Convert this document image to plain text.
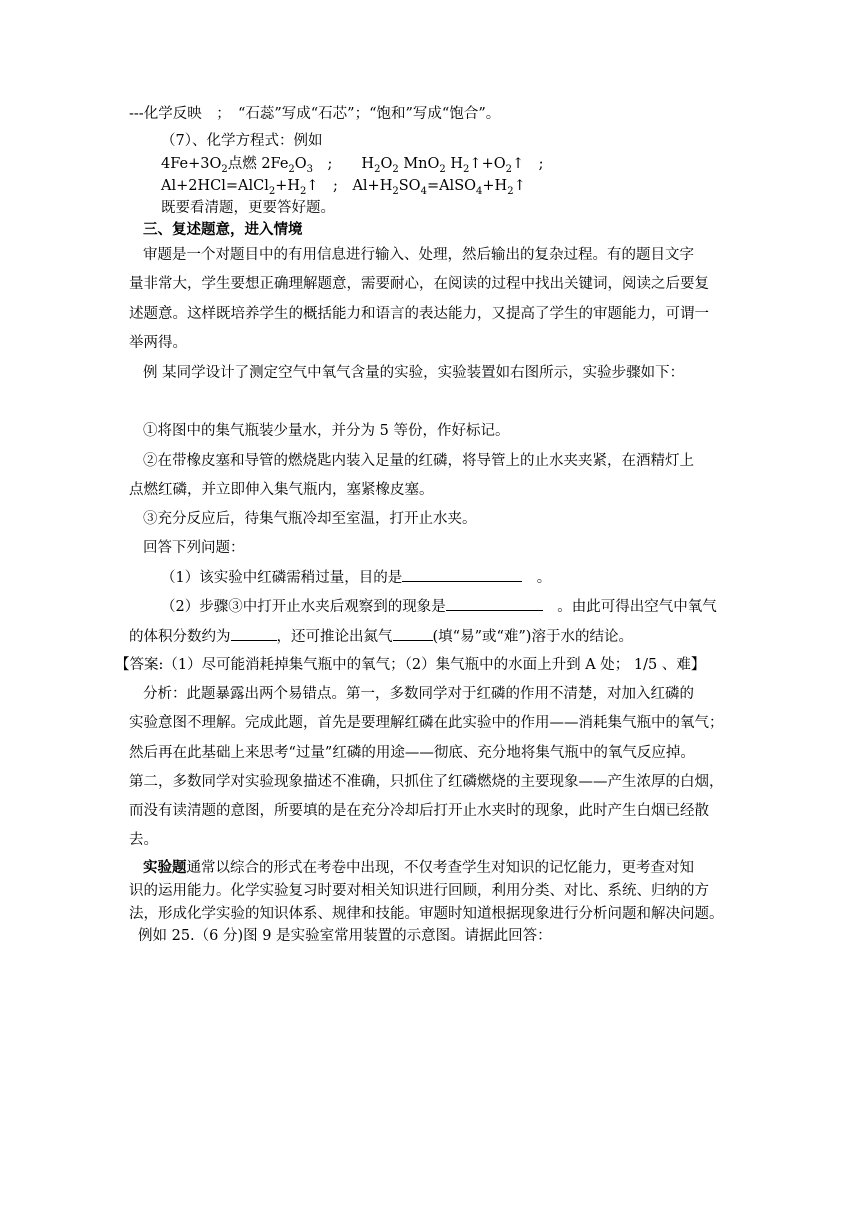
---化学反映　；　“石蕊”写成“石芯”；“饱和”写成“饱合”。
（7）、化学方程式：例如
$4Fe+3O_2$点燃 $2Fe_2O_3$　;　　$H_2O_2$ MnO$_2$ $H_2↑+O_2↑$　;
$Al+2HCl=AlCl_2+H_2↑$　;　$Al+H_2SO_4=AlSO_4+H_2↑$
既要看清题，更要答好题。
三、复述题意，进入情境
审题是一个对题目中的有用信息进行输入、处理，然后输出的复杂过程。有的题目文字
量非常大，学生要想正确理解题意，需要耐心，在阅读的过程中找出关键词，阅读之后要复
述题意。这样既培养学生的概括能力和语言的表达能力，又提高了学生的审题能力，可谓一
举两得。
例 某同学设计了测定空气中氧气含量的实验，实验装置如右图所示，实验步骤如下：
①将图中的集气瓶装少量水，并分为 5 等份，作好标记。
②在带橡皮塞和导管的燃烧匙内装入足量的红磷，将导管上的止水夹夹紧，在酒精灯上
点燃红磷，并立即伸入集气瓶内，塞紧橡皮塞。
③充分反应后，待集气瓶冷却至室温，打开止水夹。
回答下列问题：
（1）该实验中红磷需稍过量，目的是	　。
（2）步骤③中打开止水夹后观察到的现象是	　。由此可得出空气中氧气
的体积分数约为	，还可推论出氮气	(填“易”或“难”)溶于水的结论。
【答案:（1）尽可能消耗掉集气瓶中的氧气；（2）集气瓶中的水面上升到 A 处； 1/5 、难】
分析：此题暴露出两个易错点。第一，多数同学对于红磷的作用不清楚，对加入红磷的
实验意图不理解。完成此题，首先是要理解红磷在此实验中的作用——消耗集气瓶中的氧气；
然后再在此基础上来思考“过量”红磷的用途——彻底、充分地将集气瓶中的氧气反应掉。
第二，多数同学对实验现象描述不准确，只抓住了红磷燃烧的主要现象——产生浓厚的白烟，
而没有读清题的意图，所要填的是在充分冷却后打开止水夹时的现象，此时产生白烟已经散
去。
实验题通常以综合的形式在考卷中出现，不仅考查学生对知识的记忆能力，更考查对知
识的运用能力。化学实验复习时要对相关知识进行回顾，利用分类、对比、系统、归纳的方
法，形成化学实验的知识体系、规律和技能。审题时知道根据现象进行分析问题和解决问题。
例如 25.（6 分)图 9 是实验室常用装置的示意图。请据此回答：
